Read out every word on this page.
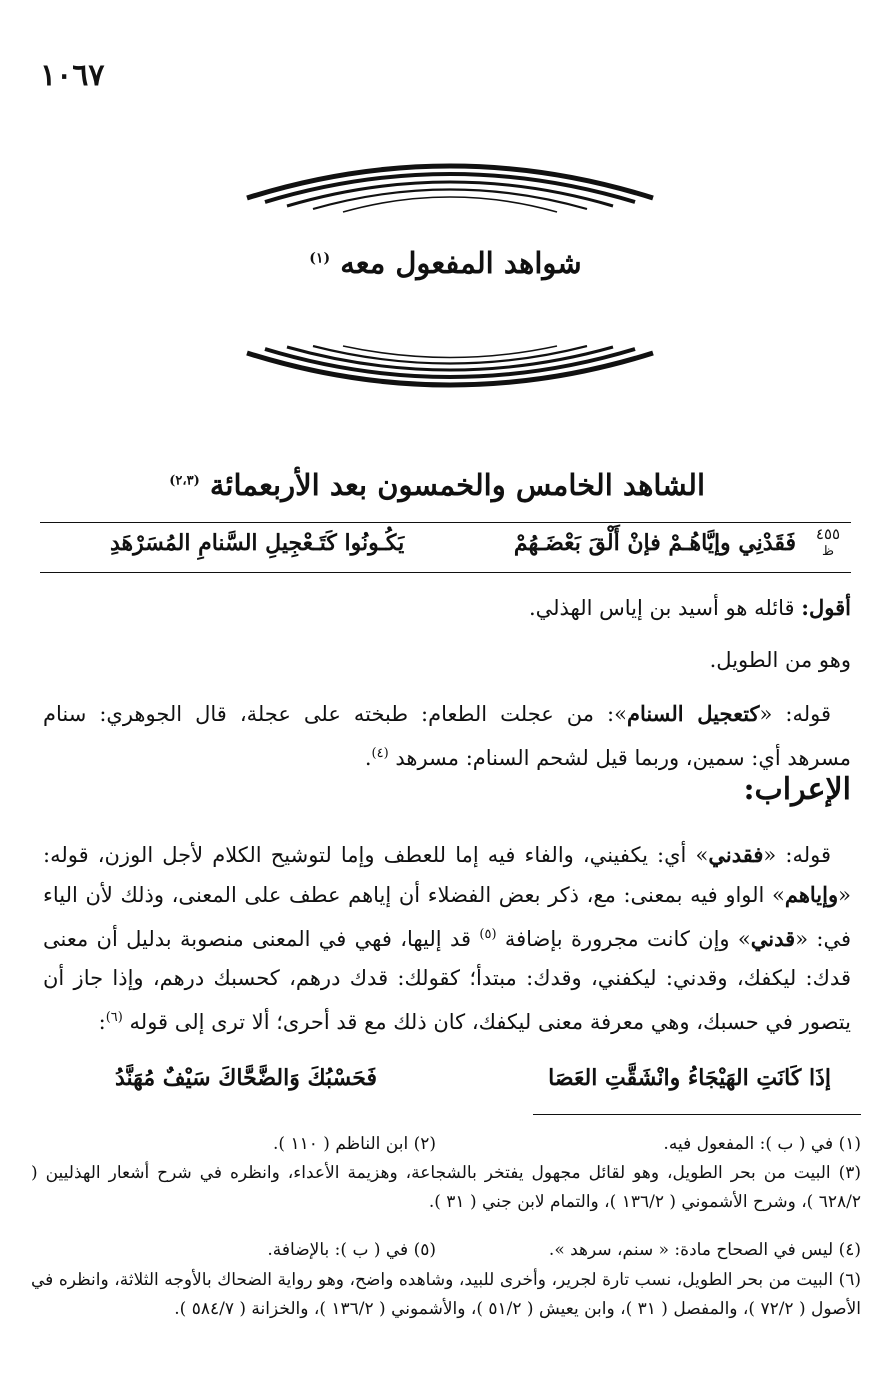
١٠٦٧
شواهد المفعول معه $^{(١)}$
الشاهد الخامس والخمسون بعد الأربعمائة $^{(٢،٣)}$
٤٥٥
ظ
فَقَدْنِي وإيَّاهُـمْ فإنْ أَلْقَ بَعْضَـهُمْ
يَكُـونُوا كَتَـعْجِيلِ السَّنامِ المُسَرْهَدِ
أقول: قائله هو أسيد بن إياس الهذلي.
وهو من الطويل.
قوله: «كتعجيل السنام»: من عجلت الطعام: طبخته على عجلة، قال الجوهري: سنام مسرهد أي: سمين، وربما قيل لشحم السنام: مسرهد $^{(٤)}$.
الإعراب:
قوله: «فقدني» أي: يكفيني، والفاء فيه إما للعطف وإما لتوشيح الكلام لأجل الوزن، قوله: «وإياهم» الواو فيه بمعنى: مع، ذكر بعض الفضلاء أن إياهم عطف على المعنى، وذلك لأن الياء في: «قدني» وإن كانت مجرورة بإضافة $^{(٥)}$ قد إليها، فهي في المعنى منصوبة بدليل أن معنى قدك: ليكفك، وقدني: ليكفني، وقدك: مبتدأ؛ كقولك: قدك درهم، كحسبك درهم، وإذا جاز أن يتصور في حسبك، وهي معرفة معنى ليكفك، كان ذلك مع قد أحرى؛ ألا ترى إلى قوله $^{(٦)}$:
إذَا كَانَتِ الهَيْجَاءُ وانْشَقَّتِ العَصَا
فَحَسْبُكَ وَالضَّحَّاكَ سَيْفٌ مُهَنَّدُ
(١) في ( ب ): المفعول فيه.
(٢) ابن الناظم ( ١١٠ ).
(٣) البيت من بحر الطويل، وهو لقائل مجهول يفتخر بالشجاعة، وهزيمة الأعداء، وانظره في شرح أشعار الهذليين ( ٦٢٨/٢ )، وشرح الأشموني ( ١٣٦/٢ )، والتمام لابن جني ( ٣١ ).
(٤) ليس في الصحاح مادة: « سنم، سرهد ».
(٥) في ( ب ): بالإضافة.
(٦) البيت من بحر الطويل، نسب تارة لجرير، وأخرى للبيد، وشاهده واضح، وهو رواية الضحاك بالأوجه الثلاثة، وانظره في الأصول ( ٧٢/٢ )، والمفصل ( ٣١ )، وابن يعيش ( ٥١/٢ )، والأشموني ( ١٣٦/٢ )، والخزانة ( ٥٨٤/٧ ).
